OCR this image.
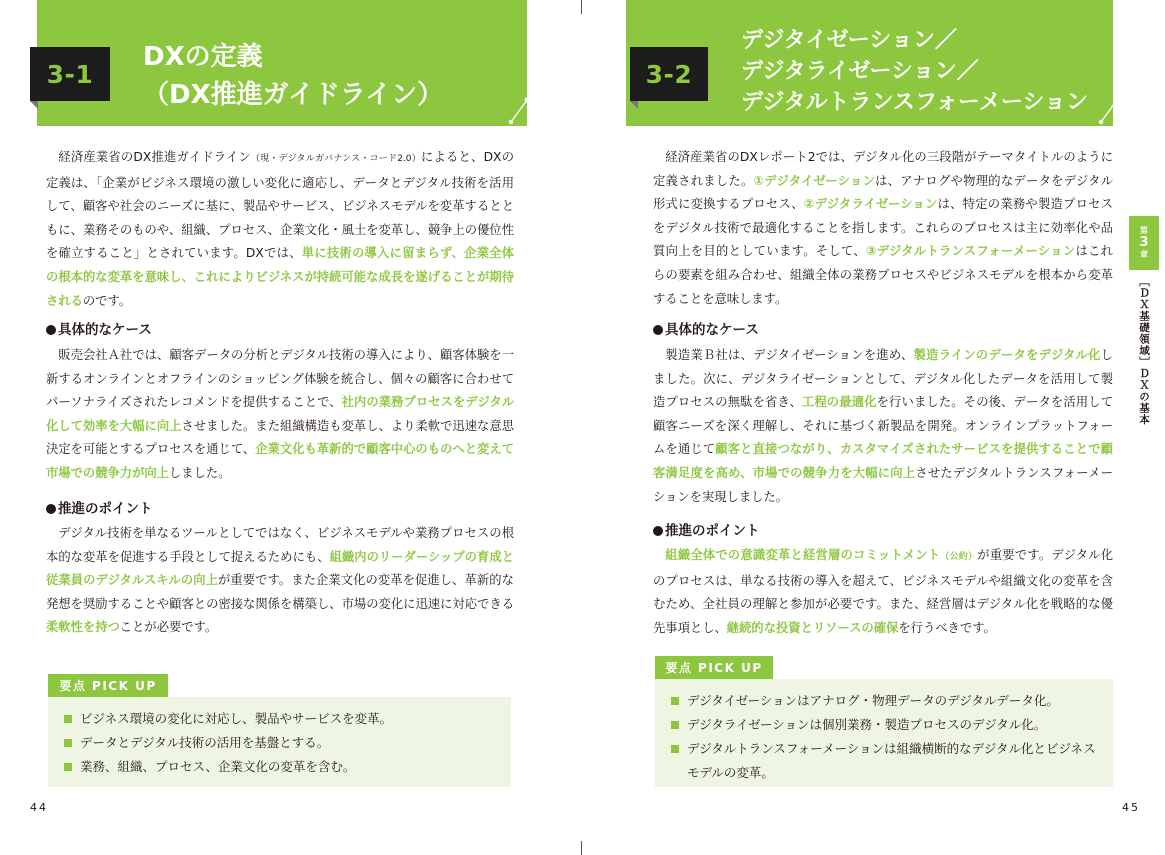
3-1
DXの定義
（DX推進ガイドライン）

経済産業省のDX推進ガイドライン（現・デジタルガバナンス・コード2.0）によると、DXの定義は、「企業がビジネス環境の激しい変化に適応し、データとデジタル技術を活用して、顧客や社会のニーズに基に、製品やサービス、ビジネスモデルを変革するとともに、業務そのものや、組織、プロセス、企業文化・風土を変革し、競争上の優位性を確立すること」とされています。DXでは、単に技術の導入に留まらず、企業全体の根本的な変革を意味し、これによりビジネスが持続可能な成長を遂げることが期待されるのです。

具体的なケース

販売会社Ａ社では、顧客データの分析とデジタル技術の導入により、顧客体験を一新するオンラインとオフラインのショッピング体験を統合し、個々の顧客に合わせてパーソナライズされたレコメンドを提供することで、社内の業務プロセスをデジタル化して効率を大幅に向上させました。また組織構造も変革し、より柔軟で迅速な意思決定を可能とするプロセスを通じて、企業文化も革新的で顧客中心のものへと変えて市場での競争力が向上しました。

推進のポイント

デジタル技術を単なるツールとしてではなく、ビジネスモデルや業務プロセスの根本的な変革を促進する手段として捉えるためにも、組織内のリーダーシップの育成と従業員のデジタルスキルの向上が重要です。また企業文化の変革を促進し、革新的な発想を奨励することや顧客との密接な関係を構築し、市場の変化に迅速に対応できる柔軟性を持つことが必要です。

要点 PICK UP
ビジネス環境の変化に対応し、製品やサービスを変革。
データとデジタル技術の活用を基盤とする。
業務、組織、プロセス、企業文化の変革を含む。
44
3-2
デジタイゼーション／
デジタライゼーション／
デジタルトランスフォーメーション

経済産業省のDXレポート2では、デジタル化の三段階がテーマタイトルのように定義されました。①デジタイゼーションは、アナログや物理的なデータをデジタル形式に変換するプロセス、②デジタライゼーションは、特定の業務や製造プロセスをデジタル技術で最適化することを指します。これらのプロセスは主に効率化や品質向上を目的としています。そして、③デジタルトランスフォーメーションはこれらの要素を組み合わせ、組織全体の業務プロセスやビジネスモデルを根本から変革することを意味します。

具体的なケース

製造業Ｂ社は、デジタイゼーションを進め、製造ラインのデータをデジタル化しました。次に、デジタライゼーションとして、デジタル化したデータを活用して製造プロセスの無駄を省き、工程の最適化を行いました。その後、データを活用して顧客ニーズを深く理解し、それに基づく新製品を開発。オンラインプラットフォームを通じて顧客と直接つながり、カスタマイズされたサービスを提供することで顧客満足度を高め、市場での競争力を大幅に向上させたデジタルトランスフォーメーションを実現しました。

推進のポイント

組織全体での意識変革と経営層のコミットメント（公約）が重要です。デジタル化のプロセスは、単なる技術の導入を超えて、ビジネスモデルや組織文化の変革を含むため、全社員の理解と参加が必要です。また、経営層はデジタル化を戦略的な優先事項とし、継続的な投資とリソースの確保を行うべきです。

要点 PICK UP
デジタイゼーションはアナログ・物理データのデジタルデータ化。
デジタライゼーションは個別業務・製造プロセスのデジタル化。
デジタルトランスフォーメーションは組織横断的なデジタル化とビジネスモデルの変革。
45
第
3
章
［ＤＸ基礎領域］ＤＸの基本
